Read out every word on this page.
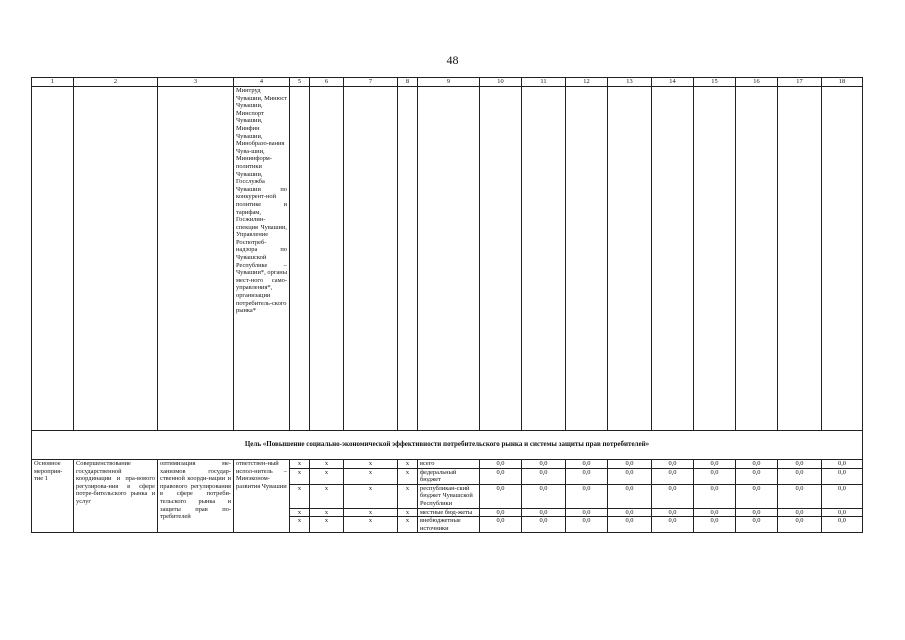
48
1	2	3	4	5	6	7	8	9	10	11	12	13	14	15	16	17	18
			Минтруд Чувашии, Минюст Чувашии, Минспорт Чувашии, Минфин Чувашии, Минобразо-вания Чува-шии, Мининформ-политики Чувашии, Госслужба Чувашии по конкурент-ной политике и тарифам, Госжилин-спекция Чувашии, Управление Роспотреб-надзора по Чувашской Республике – Чувашии*, органы мест-ного само-управления*, организации потребитель-ского рынка*														
Цель «Повышение социально-экономической эффективности потребительского рынка и системы защиты прав потребителей»																	
Основное мероприя-тие 1	Совершенствование государственной координации и пра-вового регулирова-ния в сфере потре-бительского рынка и услуг	оптимизация ме-ханизмов государ-ственной коорди-нации и правового регулирования в сфере потреби-тельского рынка и защиты прав по-требителей	ответствен-ный испол-нитель – Минэконом-развития Чувашии	x	x	x	x	всего	0,0	0,0	0,0	0,0	0,0	0,0	0,0	0,0	0,0
				x	x	x	x	федеральный бюджет	0,0	0,0	0,0	0,0	0,0	0,0	0,0	0,0	0,0
				x	x	x	x	республикан-ский бюджет Чувашской Республики	0,0	0,0	0,0	0,0	0,0	0,0	0,0	0,0	0,0
				x	x	x	x	местные бюд-жеты	0,0	0,0	0,0	0,0	0,0	0,0	0,0	0,0	0,0
				x	x	x	x	внебюджетные источники	0,0	0,0	0,0	0,0	0,0	0,0	0,0	0,0	0,0
